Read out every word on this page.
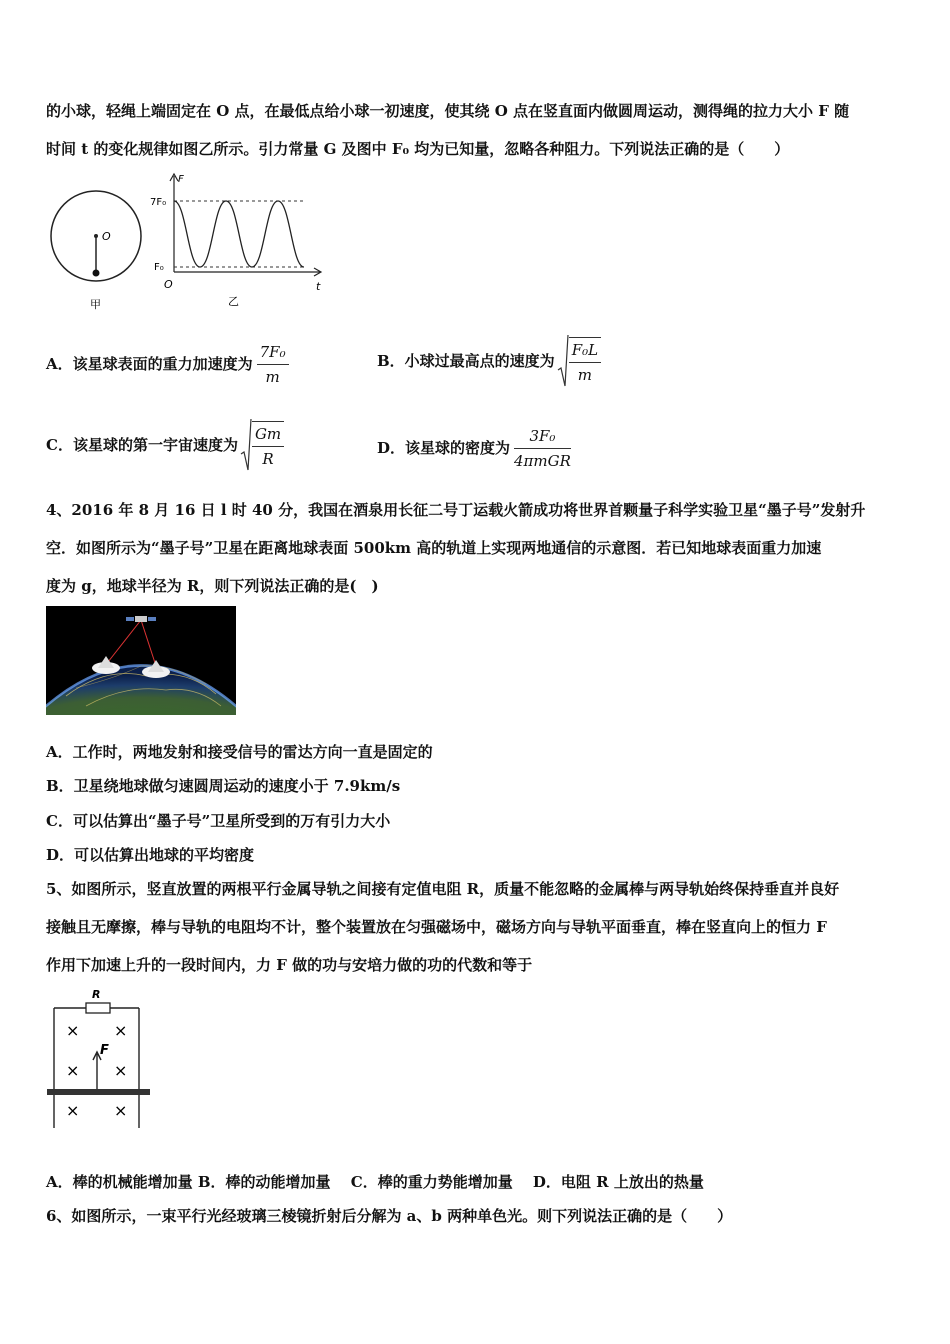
的小球，轻绳上端固定在 O 点，在最低点给小球一初速度，使其绕 O 点在竖直面内做圆周运动，测得绳的拉力大小 F 随
时间 t 的变化规律如图乙所示。引力常量 G 及图中 F₀ 均为已知量，忽略各种阻力。下列说法正确的是（　　）
O
甲
F
7F₀
F₀
O	t
乙
A．该星球表面的重力加速度为 $\frac{\text{7F₀}}{m}$	B．小球过最高点的速度为 $\frac{\text{F₀L}}{m}$
C．该星球的第一宇宙速度为 $\frac{Gm}{R}$	D．该星球的密度为 $\frac{\text{3F₀}}{\text{4πmGR}}$
4、2016 年 8 月 16 日 l 时 40 分，我国在酒泉用长征二号丁运载火箭成功将世界首颗量子科学实验卫星“墨子号”发射升
空．如图所示为“墨子号”卫星在距离地球表面 500km 高的轨道上实现两地通信的示意图．若已知地球表面重力加速
度为 g，地球半径为 R，则下列说法正确的是(　)
A．工作时，两地发射和接受信号的雷达方向一直是固定的
B．卫星绕地球做匀速圆周运动的速度小于 7.9km/s
C．可以估算出“墨子号”卫星所受到的万有引力大小
D．可以估算出地球的平均密度
5、如图所示，竖直放置的两根平行金属导轨之间接有定值电阻 R，质量不能忽略的金属棒与两导轨始终保持垂直并良好
接触且无摩擦，棒与导轨的电阻均不计，整个装置放在匀强磁场中，磁场方向与导轨平面垂直，棒在竖直向上的恒力 F
作用下加速上升的一段时间内，力 F 做的功与安培力做的功的代数和等于
R
F
× ×
× ×
× ×
A．棒的机械能增加量 B．棒的动能增加量　 C．棒的重力势能增加量　 D．电阻 R 上放出的热量
6、如图所示，一束平行光经玻璃三棱镜折射后分解为 a、b 两种单色光。则下列说法正确的是（　　）
